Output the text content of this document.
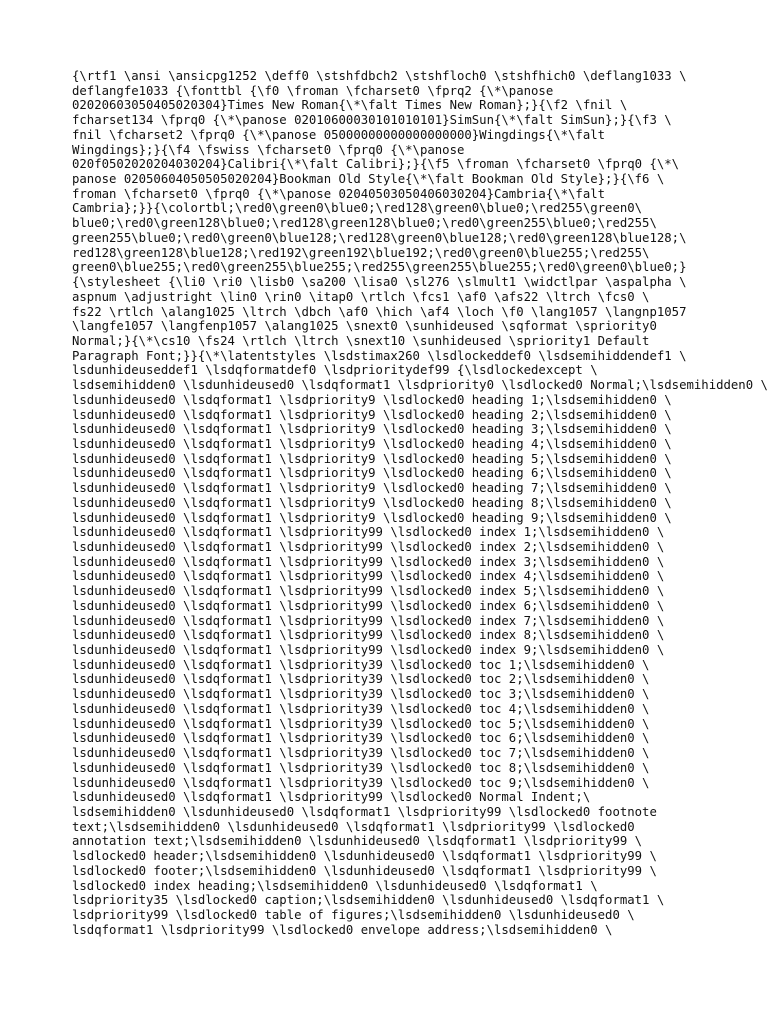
{\rtf1 \ansi \ansicpg1252 \deff0 \stshfdbch2 \stshfloch0 \stshfhich0 \deflang1033 \
deflangfe1033 {\fonttbl {\f0 \froman \fcharset0 \fprq2 {\*\panose
02020603050405020304}Times New Roman{\*\falt Times New Roman};}{\f2 \fnil \
fcharset134 \fprq0 {\*\panose 02010600030101010101}SimSun{\*\falt SimSun};}{\f3 \
fnil \fcharset2 \fprq0 {\*\panose 05000000000000000000}Wingdings{\*\falt
Wingdings};}{\f4 \fswiss \fcharset0 \fprq0 {\*\panose
020f0502020204030204}Calibri{\*\falt Calibri};}{\f5 \froman \fcharset0 \fprq0 {\*\
panose 02050604050505020204}Bookman Old Style{\*\falt Bookman Old Style};}{\f6 \
froman \fcharset0 \fprq0 {\*\panose 02040503050406030204}Cambria{\*\falt
Cambria};}}{\colortbl;\red0\green0\blue0;\red128\green0\blue0;\red255\green0\
blue0;\red0\green128\blue0;\red128\green128\blue0;\red0\green255\blue0;\red255\
green255\blue0;\red0\green0\blue128;\red128\green0\blue128;\red0\green128\blue128;\
red128\green128\blue128;\red192\green192\blue192;\red0\green0\blue255;\red255\
green0\blue255;\red0\green255\blue255;\red255\green255\blue255;\red0\green0\blue0;}
{\stylesheet {\li0 \ri0 \lisb0 \sa200 \lisa0 \sl276 \slmult1 \widctlpar \aspalpha \
aspnum \adjustright \lin0 \rin0 \itap0 \rtlch \fcs1 \af0 \afs22 \ltrch \fcs0 \
fs22 \rtlch \alang1025 \ltrch \dbch \af0 \hich \af4 \loch \f0 \lang1057 \langnp1057
\langfe1057 \langfenp1057 \alang1025 \snext0 \sunhideused \sqformat \spriority0
Normal;}{\*\cs10 \fs24 \rtlch \ltrch \snext10 \sunhideused \spriority1 Default
Paragraph Font;}}{\*\latentstyles \lsdstimax260 \lsdlockeddef0 \lsdsemihiddendef1 \
lsdunhideuseddef1 \lsdqformatdef0 \lsdprioritydef99 {\lsdlockedexcept \
lsdsemihidden0 \lsdunhideused0 \lsdqformat1 \lsdpriority0 \lsdlocked0 Normal;\lsdsemihidden0 \
lsdunhideused0 \lsdqformat1 \lsdpriority9 \lsdlocked0 heading 1;\lsdsemihidden0 \
lsdunhideused0 \lsdqformat1 \lsdpriority9 \lsdlocked0 heading 2;\lsdsemihidden0 \
lsdunhideused0 \lsdqformat1 \lsdpriority9 \lsdlocked0 heading 3;\lsdsemihidden0 \
lsdunhideused0 \lsdqformat1 \lsdpriority9 \lsdlocked0 heading 4;\lsdsemihidden0 \
lsdunhideused0 \lsdqformat1 \lsdpriority9 \lsdlocked0 heading 5;\lsdsemihidden0 \
lsdunhideused0 \lsdqformat1 \lsdpriority9 \lsdlocked0 heading 6;\lsdsemihidden0 \
lsdunhideused0 \lsdqformat1 \lsdpriority9 \lsdlocked0 heading 7;\lsdsemihidden0 \
lsdunhideused0 \lsdqformat1 \lsdpriority9 \lsdlocked0 heading 8;\lsdsemihidden0 \
lsdunhideused0 \lsdqformat1 \lsdpriority9 \lsdlocked0 heading 9;\lsdsemihidden0 \
lsdunhideused0 \lsdqformat1 \lsdpriority99 \lsdlocked0 index 1;\lsdsemihidden0 \
lsdunhideused0 \lsdqformat1 \lsdpriority99 \lsdlocked0 index 2;\lsdsemihidden0 \
lsdunhideused0 \lsdqformat1 \lsdpriority99 \lsdlocked0 index 3;\lsdsemihidden0 \
lsdunhideused0 \lsdqformat1 \lsdpriority99 \lsdlocked0 index 4;\lsdsemihidden0 \
lsdunhideused0 \lsdqformat1 \lsdpriority99 \lsdlocked0 index 5;\lsdsemihidden0 \
lsdunhideused0 \lsdqformat1 \lsdpriority99 \lsdlocked0 index 6;\lsdsemihidden0 \
lsdunhideused0 \lsdqformat1 \lsdpriority99 \lsdlocked0 index 7;\lsdsemihidden0 \
lsdunhideused0 \lsdqformat1 \lsdpriority99 \lsdlocked0 index 8;\lsdsemihidden0 \
lsdunhideused0 \lsdqformat1 \lsdpriority99 \lsdlocked0 index 9;\lsdsemihidden0 \
lsdunhideused0 \lsdqformat1 \lsdpriority39 \lsdlocked0 toc 1;\lsdsemihidden0 \
lsdunhideused0 \lsdqformat1 \lsdpriority39 \lsdlocked0 toc 2;\lsdsemihidden0 \
lsdunhideused0 \lsdqformat1 \lsdpriority39 \lsdlocked0 toc 3;\lsdsemihidden0 \
lsdunhideused0 \lsdqformat1 \lsdpriority39 \lsdlocked0 toc 4;\lsdsemihidden0 \
lsdunhideused0 \lsdqformat1 \lsdpriority39 \lsdlocked0 toc 5;\lsdsemihidden0 \
lsdunhideused0 \lsdqformat1 \lsdpriority39 \lsdlocked0 toc 6;\lsdsemihidden0 \
lsdunhideused0 \lsdqformat1 \lsdpriority39 \lsdlocked0 toc 7;\lsdsemihidden0 \
lsdunhideused0 \lsdqformat1 \lsdpriority39 \lsdlocked0 toc 8;\lsdsemihidden0 \
lsdunhideused0 \lsdqformat1 \lsdpriority39 \lsdlocked0 toc 9;\lsdsemihidden0 \
lsdunhideused0 \lsdqformat1 \lsdpriority99 \lsdlocked0 Normal Indent;\
lsdsemihidden0 \lsdunhideused0 \lsdqformat1 \lsdpriority99 \lsdlocked0 footnote
text;\lsdsemihidden0 \lsdunhideused0 \lsdqformat1 \lsdpriority99 \lsdlocked0
annotation text;\lsdsemihidden0 \lsdunhideused0 \lsdqformat1 \lsdpriority99 \
lsdlocked0 header;\lsdsemihidden0 \lsdunhideused0 \lsdqformat1 \lsdpriority99 \
lsdlocked0 footer;\lsdsemihidden0 \lsdunhideused0 \lsdqformat1 \lsdpriority99 \
lsdlocked0 index heading;\lsdsemihidden0 \lsdunhideused0 \lsdqformat1 \
lsdpriority35 \lsdlocked0 caption;\lsdsemihidden0 \lsdunhideused0 \lsdqformat1 \
lsdpriority99 \lsdlocked0 table of figures;\lsdsemihidden0 \lsdunhideused0 \
lsdqformat1 \lsdpriority99 \lsdlocked0 envelope address;\lsdsemihidden0 \
